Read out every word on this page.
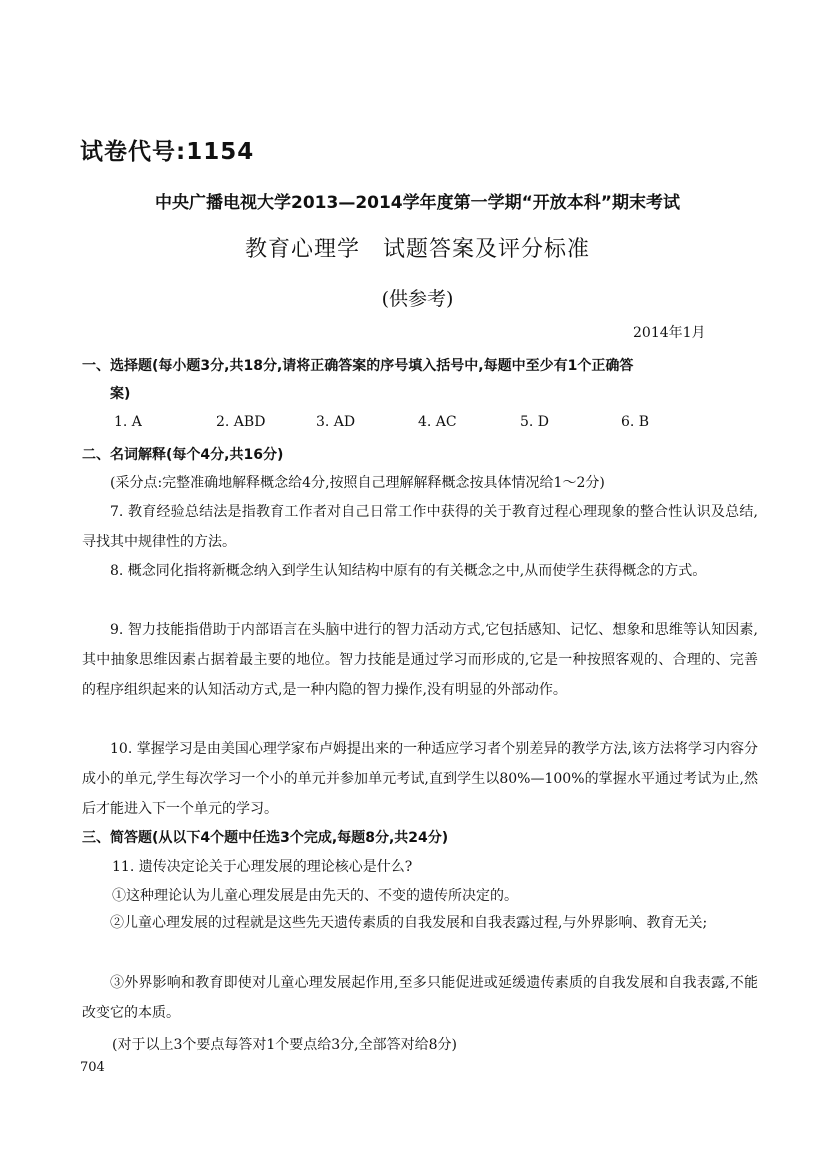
试卷代号:1154
中央广播电视大学2013—2014学年度第一学期“开放本科”期末考试
教育心理学　试题答案及评分标准
(供参考)
2014年1月
一、选择题(每小题3分,共18分,请将正确答案的序号填入括号中,每题中至少有1个正确答
案)
1. A	2. ABD	3. AD	4. AC	5. D	6. B
二、名词解释(每个4分,共16分)
(采分点:完整准确地解释概念给4分,按照自己理解解释概念按具体情况给1～2分)

7. 教育经验总结法是指教育工作者对自己日常工作中获得的关于教育过程心理现象的整合性认识及总结,寻找其中规律性的方法。

8. 概念同化指将新概念纳入到学生认知结构中原有的有关概念之中,从而使学生获得概念的方式。

9. 智力技能指借助于内部语言在头脑中进行的智力活动方式,它包括感知、记忆、想象和思维等认知因素,其中抽象思维因素占据着最主要的地位。智力技能是通过学习而形成的,它是一种按照客观的、合理的、完善的程序组织起来的认知活动方式,是一种内隐的智力操作,没有明显的外部动作。

10. 掌握学习是由美国心理学家布卢姆提出来的一种适应学习者个别差异的教学方法,该方法将学习内容分成小的单元,学生每次学习一个小的单元并参加单元考试,直到学生以80%—100%的掌握水平通过考试为止,然后才能进入下一个单元的学习。

三、简答题(从以下4个题中任选3个完成,每题8分,共24分)
11. 遗传决定论关于心理发展的理论核心是什么?
①这种理论认为儿童心理发展是由先天的、不变的遗传所决定的。

②儿童心理发展的过程就是这些先天遗传素质的自我发展和自我表露过程,与外界影响、教育无关;

③外界影响和教育即使对儿童心理发展起作用,至多只能促进或延缓遗传素质的自我发展和自我表露,不能改变它的本质。

(对于以上3个要点每答对1个要点给3分,全部答对给8分)
704
